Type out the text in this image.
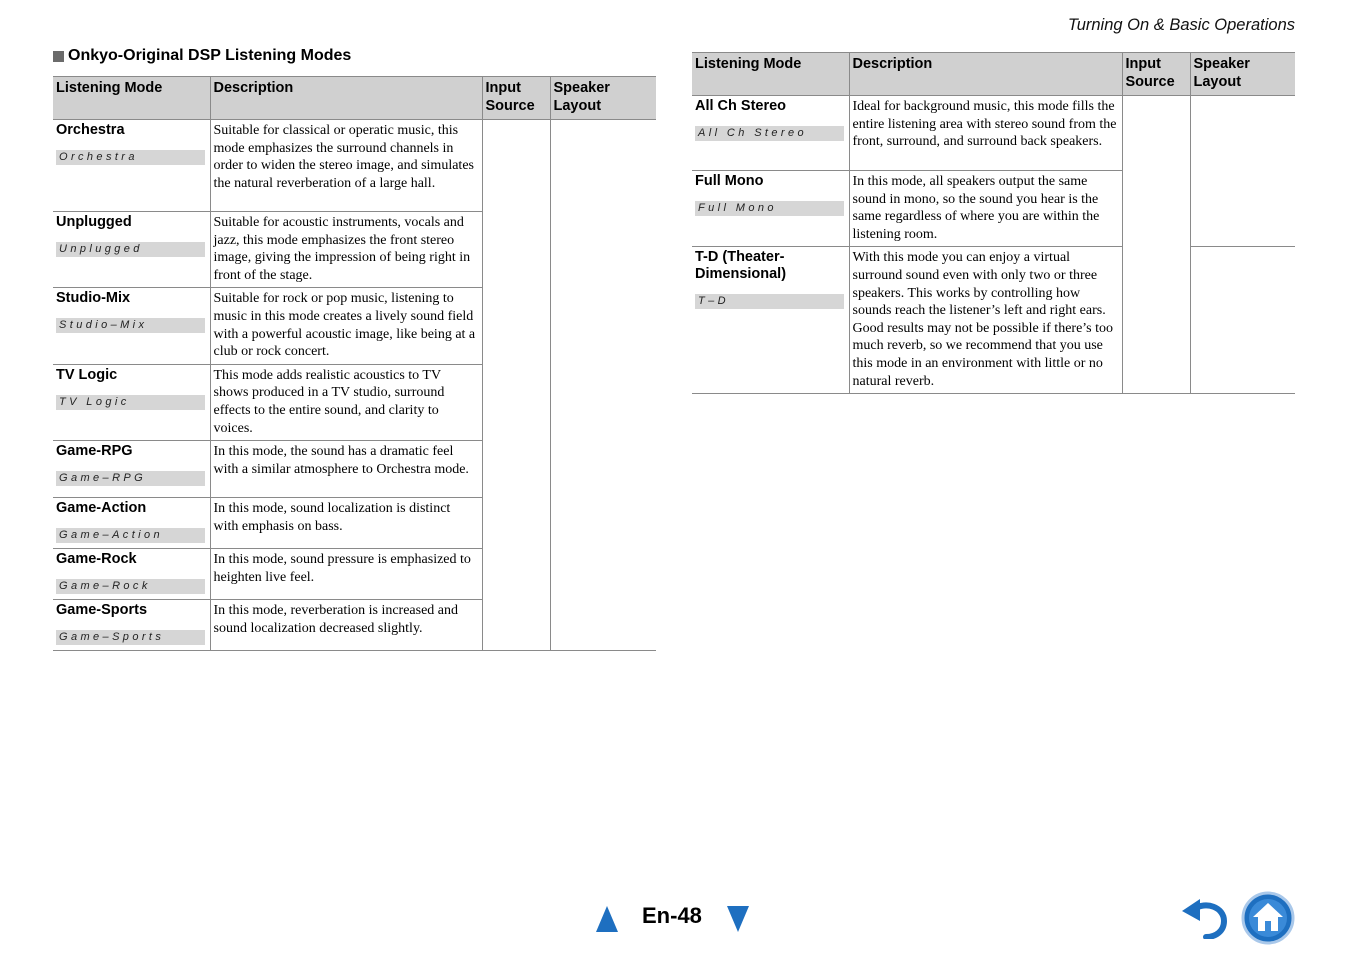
Turning On & Basic Operations
Onkyo-Original DSP Listening Modes
Listening Mode	Description	Input Source	Speaker Layout

Orchestra
Orchestra	Suitable for classical or operatic music, this mode emphasizes the surround channels in order to widen the stereo image, and simulates the natural reverberation of a large hall.		

Unplugged
Unplugged	Suitable for acoustic instruments, vocals and jazz, this mode emphasizes the front stereo image, giving the impression of being right in front of the stage.		

Studio-Mix
Studio–Mix	Suitable for rock or pop music, listening to music in this mode creates a lively sound field with a powerful acoustic image, like being at a club or rock concert.		

TV Logic
TV Logic	This mode adds realistic acoustics to TV shows produced in a TV studio, surround effects to the entire sound, and clarity to voices.		

Game-RPG
Game–RPG	In this mode, the sound has a dramatic feel with a similar atmosphere to Orchestra mode.		

Game-Action
Game–Action	In this mode, sound localization is distinct with emphasis on bass.		

Game-Rock
Game–Rock	In this mode, sound pressure is emphasized to heighten live feel.		

Game-Sports
Game–Sports	In this mode, reverberation is increased and sound localization decreased slightly.		
Listening Mode	Description	Input Source	Speaker Layout

All Ch Stereo
All Ch Stereo	Ideal for background music, this mode fills the entire listening area with stereo sound from the front, surround, and surround back speakers.		

Full Mono
Full Mono	In this mode, all speakers output the same sound in mono, so the sound you hear is the same regardless of where you are within the listening room.		

T-D (Theater-Dimensional)
T–D	With this mode you can enjoy a virtual surround sound even with only two or three speakers. This works by controlling how sounds reach the listener’s left and right ears. Good results may not be possible if there’s too much reverb, so we recommend that you use this mode in an environment with little or no natural reverb.		
En-48
